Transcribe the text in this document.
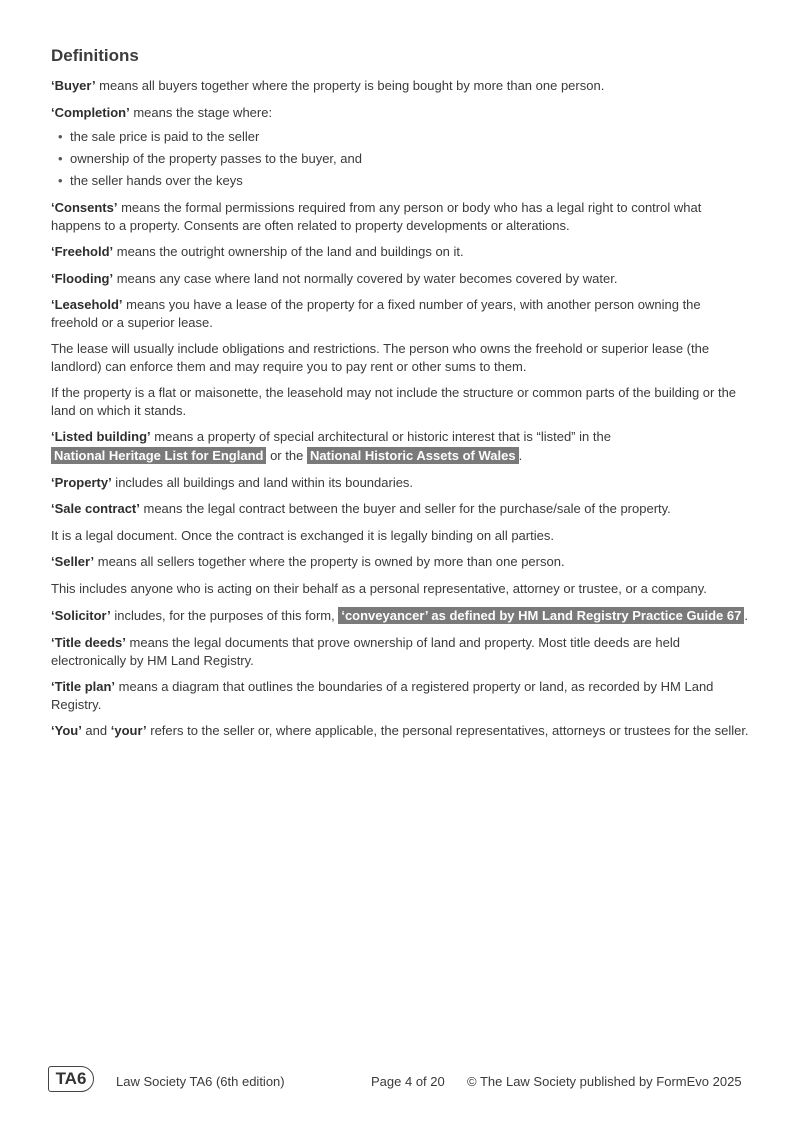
Definitions

‘Buyer’ means all buyers together where the property is being bought by more than one person.

‘Completion’ means the stage where:

• the sale price is paid to the seller
• ownership of the property passes to the buyer, and
• the seller hands over the keys

‘Consents’ means the formal permissions required from any person or body who has a legal right to control what happens to a property. Consents are often related to property developments or alterations.

‘Freehold’ means the outright ownership of the land and buildings on it.

‘Flooding’ means any case where land not normally covered by water becomes covered by water.

‘Leasehold’ means you have a lease of the property for a fixed number of years, with another person owning the freehold or a superior lease.

The lease will usually include obligations and restrictions. The person who owns the freehold or superior lease (the landlord) can enforce them and may require you to pay rent or other sums to them.

If the property is a flat or maisonette, the leasehold may not include the structure or common parts of the building or the land on which it stands.

‘Listed building’ means a property of special architectural or historic interest that is “listed” in the
National Heritage List for England or the National Historic Assets of Wales .

‘Property’ includes all buildings and land within its boundaries.

‘Sale contract’ means the legal contract between the buyer and seller for the purchase/sale of the property.

It is a legal document. Once the contract is exchanged it is legally binding on all parties.

‘Seller’ means all sellers together where the property is owned by more than one person.

This includes anyone who is acting on their behalf as a personal representative, attorney or trustee, or a company.

‘Solicitor’ includes, for the purposes of this form, ‘conveyancer’ as defined by HM Land Registry Practice Guide 67 .

‘Title deeds’ means the legal documents that prove ownership of land and property. Most title deeds are held electronically by HM Land Registry.

‘Title plan’ means a diagram that outlines the boundaries of a registered property or land, as recorded by HM Land Registry.

‘You’ and ‘your’ refers to the seller or, where applicable, the personal representatives, attorneys or trustees for the seller.

TA6	Law Society TA6 (6th edition)	Page 4 of 20 © The Law Society published by FormEvo 2025
